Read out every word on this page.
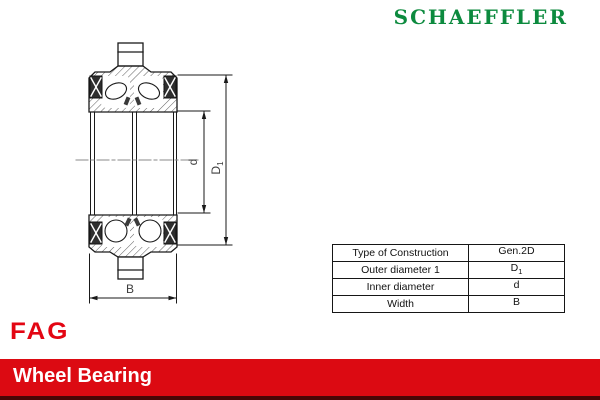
SCHAEFFLER
d
$D_1$
B
Type of Construction	Gen.2D
Outer diameter 1	$D_1$
Inner diameter	d
Width	B
FAG
Wheel Bearing
